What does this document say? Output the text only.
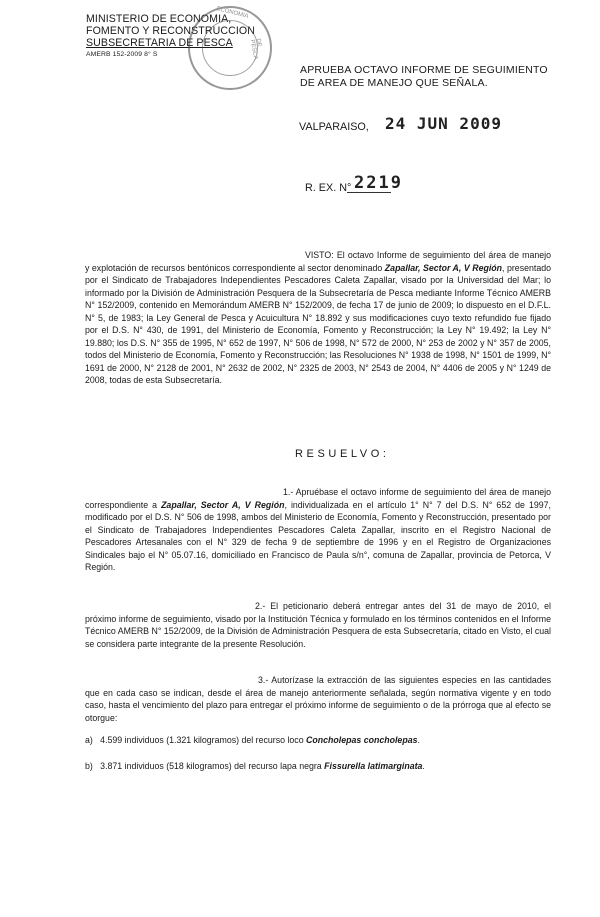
MINISTERIO DE ECONOMIA,
FOMENTO Y RECONSTRUCCION
SUBSECRETARIA DE PESCA
AMERB 152-2009 8° S
ECONOMIA
DE PESCA
APRUEBA OCTAVO INFORME DE SEGUIMIENTO
DE AREA DE MANEJO QUE SEÑALA.
VALPARAISO, 24 JUN 2009
R. EX. N° 2219
VISTO: El octavo Informe de seguimiento del área de manejo y explotación de recursos bentónicos correspondiente al sector denominado Zapallar, Sector A, V Región, presentado por el Sindicato de Trabajadores Independientes Pescadores Caleta Zapallar, visado por la Universidad del Mar; lo informado por la División de Administración Pesquera de la Subsecretaría de Pesca mediante Informe Técnico AMERB N° 152/2009, contenido en Memorándum AMERB N° 152/2009, de fecha 17 de junio de 2009; lo dispuesto en el D.F.L. N° 5, de 1983; la Ley General de Pesca y Acuicultura N° 18.892 y sus modificaciones cuyo texto refundido fue fijado por el D.S. N° 430, de 1991, del Ministerio de Economía, Fomento y Reconstrucción; la Ley N° 19.492; la Ley N° 19.880; los D.S. N° 355 de 1995, N° 652 de 1997, N° 506 de 1998, N° 572 de 2000, N° 253 de 2002 y N° 357 de 2005, todos del Ministerio de Economía, Fomento y Reconstrucción; las Resoluciones N° 1938 de 1998, N° 1501 de 1999, N° 1691 de 2000, N° 2128 de 2001, N° 2632 de 2002, N° 2325 de 2003, N° 2543 de 2004, N° 4406 de 2005 y N° 1249 de 2008, todas de esta Subsecretaría.
RESUELVO:
1.- Apruébase el octavo informe de seguimiento del área de manejo correspondiente a Zapallar, Sector A, V Región, individualizada en el artículo 1° N° 7 del D.S. N° 652 de 1997, modificado por el D.S. N° 506 de 1998, ambos del Ministerio de Economía, Fomento y Reconstrucción, presentado por el Sindicato de Trabajadores Independientes Pescadores Caleta Zapallar, inscrito en el Registro Nacional de Pescadores Artesanales con el N° 329 de fecha 9 de septiembre de 1996 y en el Registro de Organizaciones Sindicales bajo el N° 05.07.16, domiciliado en Francisco de Paula s/n°, comuna de Zapallar, provincia de Petorca, V Región.
2.- El peticionario deberá entregar antes del 31 de mayo de 2010, el próximo informe de seguimiento, visado por la Institución Técnica y formulado en los términos contenidos en el Informe Técnico AMERB N° 152/2009, de la División de Administración Pesquera de esta Subsecretaría, citado en Visto, el cual se considera parte integrante de la presente Resolución.
3.- Autorízase la extracción de las siguientes especies en las cantidades que en cada caso se indican, desde el área de manejo anteriormente señalada, según normativa vigente y en todo caso, hasta el vencimiento del plazo para entregar el próximo informe de seguimiento o de la prórroga que al efecto se otorgue:
a) 4.599 individuos (1.321 kilogramos) del recurso loco Concholepas concholepas.
b) 3.871 individuos (518 kilogramos) del recurso lapa negra Fissurella latimarginata.
